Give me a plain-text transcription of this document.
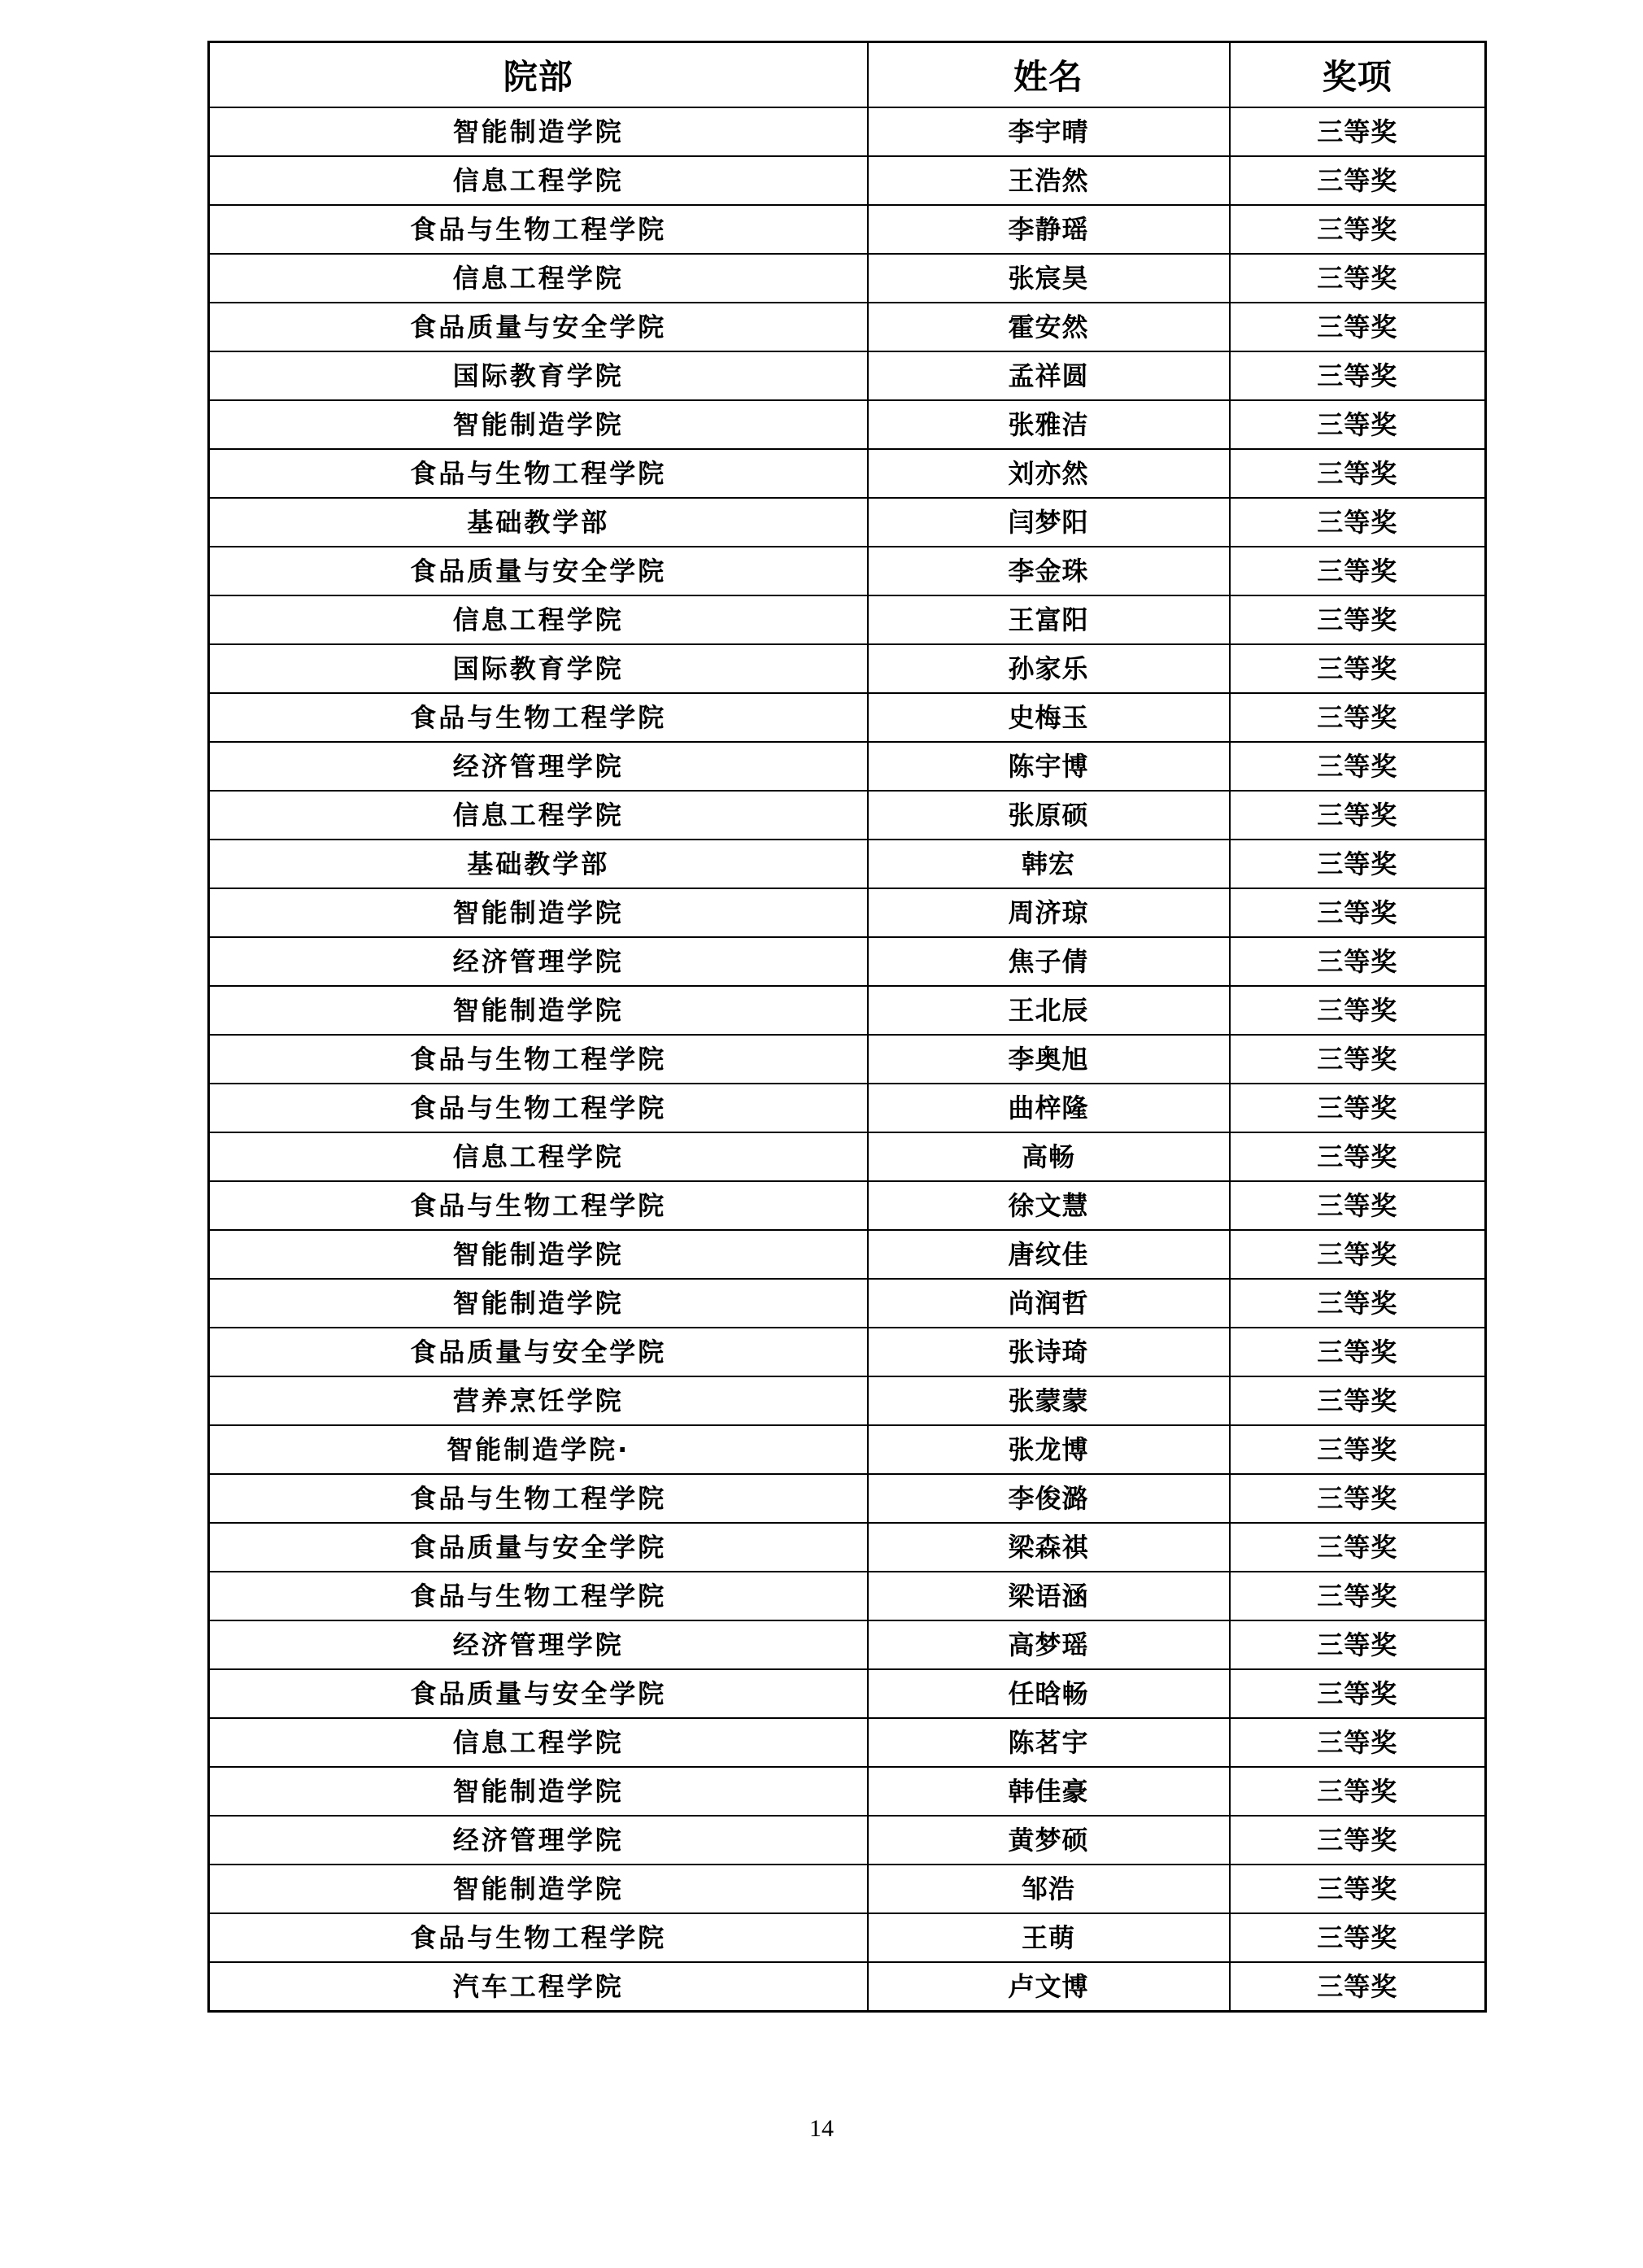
院部	姓名	奖项
智能制造学院	李宇晴	三等奖
信息工程学院	王浩然	三等奖
食品与生物工程学院	李静瑶	三等奖
信息工程学院	张宸昊	三等奖
食品质量与安全学院	霍安然	三等奖
国际教育学院	孟祥圆	三等奖
智能制造学院	张雅洁	三等奖
食品与生物工程学院	刘亦然	三等奖
基础教学部	闫梦阳	三等奖
食品质量与安全学院	李金珠	三等奖
信息工程学院	王富阳	三等奖
国际教育学院	孙家乐	三等奖
食品与生物工程学院	史梅玉	三等奖
经济管理学院	陈宇博	三等奖
信息工程学院	张原硕	三等奖
基础教学部	韩宏	三等奖
智能制造学院	周济琼	三等奖
经济管理学院	焦子倩	三等奖
智能制造学院	王北辰	三等奖
食品与生物工程学院	李奥旭	三等奖
食品与生物工程学院	曲梓隆	三等奖
信息工程学院	高畅	三等奖
食品与生物工程学院	徐文慧	三等奖
智能制造学院	唐纹佳	三等奖
智能制造学院	尚润哲	三等奖
食品质量与安全学院	张诗琦	三等奖
营养烹饪学院	张蒙蒙	三等奖
智能制造学院·	张龙博	三等奖
食品与生物工程学院	李俊潞	三等奖
食品质量与安全学院	梁森祺	三等奖
食品与生物工程学院	梁语涵	三等奖
经济管理学院	高梦瑶	三等奖
食品质量与安全学院	任晗畅	三等奖
信息工程学院	陈茗宇	三等奖
智能制造学院	韩佳豪	三等奖
经济管理学院	黄梦硕	三等奖
智能制造学院	邹浩	三等奖
食品与生物工程学院	王萌	三等奖
汽车工程学院	卢文博	三等奖
14
